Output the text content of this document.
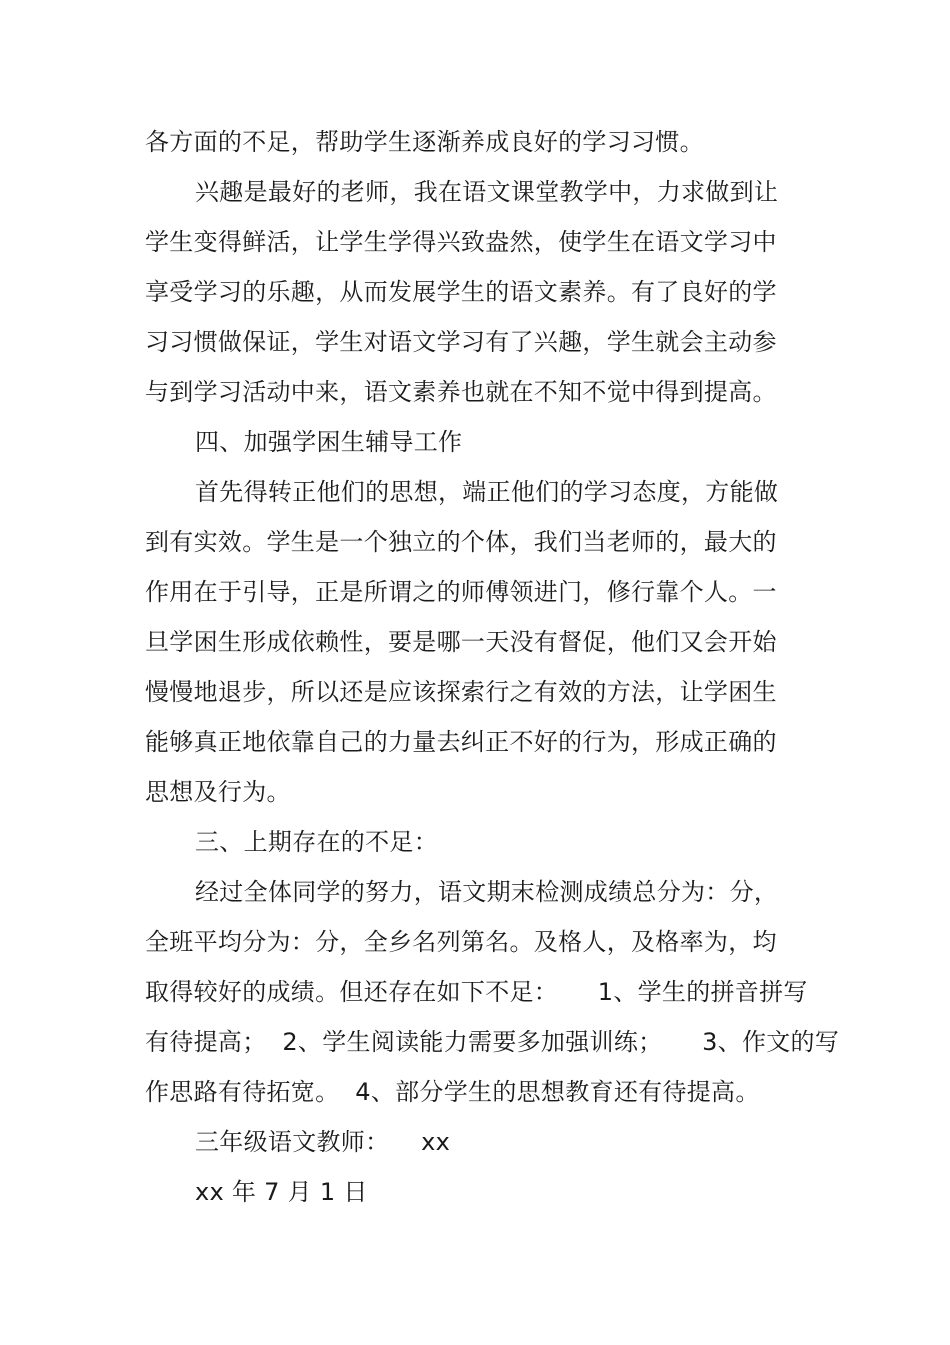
各方面的不足，帮助学生逐渐养成良好的学习习惯。
兴趣是最好的老师，我在语文课堂教学中，力求做到让
学生变得鲜活，让学生学得兴致盎然，使学生在语文学习中
享受学习的乐趣，从而发展学生的语文素养。有了良好的学
习习惯做保证，学生对语文学习有了兴趣，学生就会主动参
与到学习活动中来，语文素养也就在不知不觉中得到提高。
四、加强学困生辅导工作
首先得转正他们的思想，端正他们的学习态度，方能做
到有实效。学生是一个独立的个体，我们当老师的，最大的
作用在于引导，正是所谓之的师傅领进门，修行靠个人。一
旦学困生形成依赖性，要是哪一天没有督促，他们又会开始
慢慢地退步，所以还是应该探索行之有效的方法，让学困生
能够真正地依靠自己的力量去纠正不好的行为，形成正确的
思想及行为。
三、上期存在的不足：
经过全体同学的努力，语文期末检测成绩总分为：分，
全班平均分为：分，全乡名列第名。及格人，及格率为，均
取得较好的成绩。但还存在如下不足：     1、学生的拼音拼写
有待提高；  2、学生阅读能力需要多加强训练；     3、作文的写
作思路有待拓宽。  4、部分学生的思想教育还有待提高。
三年级语文教师：    xx
xx 年 7 月 1 日
